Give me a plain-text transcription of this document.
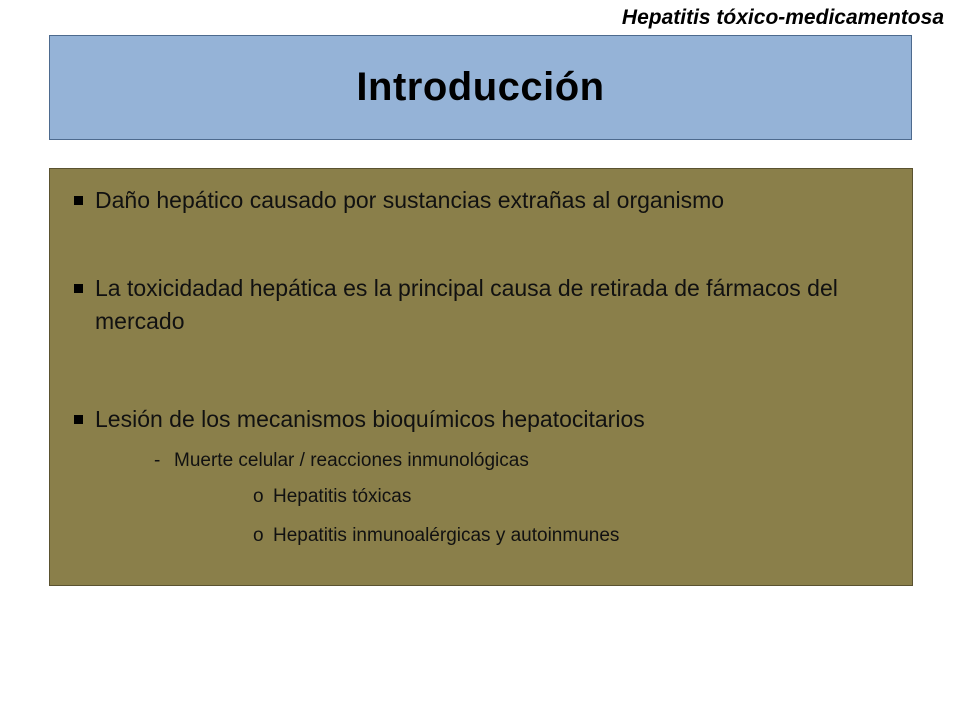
Hepatitis tóxico-medicamentosa
Introducción
Daño hepático causado por sustancias extrañas al organismo
La toxicidadad hepática es la principal causa de retirada de fármacos del mercado
Lesión de los mecanismos bioquímicos hepatocitarios
- Muerte celular / reacciones inmunológicas
o Hepatitis tóxicas
o Hepatitis inmunoalérgicas y autoinmunes
